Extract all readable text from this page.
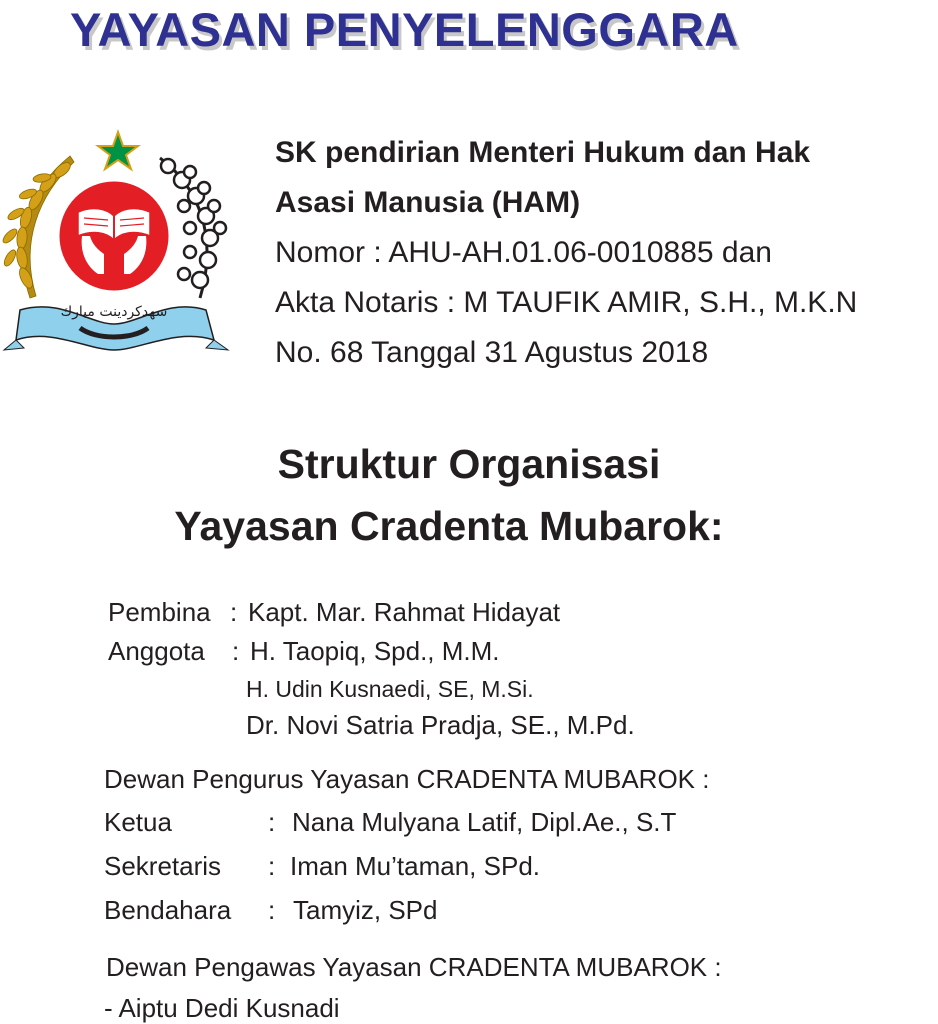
YAYASAN PENYELENGGARA
سهدکردینت مبارك
SK pendirian Menteri Hukum dan Hak
Asasi Manusia (HAM)
Nomor : AHU-AH.01.06-0010885 dan
Akta Notaris : M TAUFIK AMIR, S.H., M.K.N
No. 68 Tanggal 31 Agustus 2018
Struktur Organisasi
Yayasan Cradenta Mubarok:
Pembina : Kapt. Mar. Rahmat Hidayat
Anggota : H. Taopiq, Spd., M.M.
H. Udin Kusnaedi, SE, M.Si.
Dr. Novi Satria Pradja, SE., M.Pd.
Dewan Pengurus Yayasan CRADENTA MUBAROK :
Ketua	: Nana Mulyana Latif, Dipl.Ae., S.T
Sekretaris : Iman Mu’taman, SPd.
Bendahara : Tamyiz, SPd
Dewan Pengawas Yayasan CRADENTA MUBAROK :
- Aiptu Dedi Kusnadi
